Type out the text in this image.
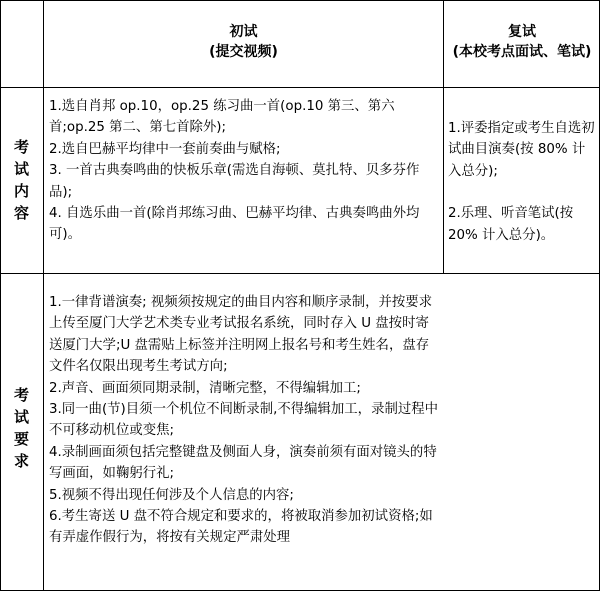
初试
(提交视频)
复试
(本校考点面试、笔试)
考
试
内
容

1.选自肖邦 op.10，op.25 练习曲一首(op.10 第三、第六首;op.25 第二、第七首除外);

2.选自巴赫平均律中一套前奏曲与赋格;

3. 一首古典奏鸣曲的快板乐章(需选自海顿、莫扎特、贝多芬作品);

4. 自选乐曲一首(除肖邦练习曲、巴赫平均律、古典奏鸣曲外均可)。

1.评委指定或考生自选初试曲目演奏(按 80% 计入总分);

2.乐理、听音笔试(按 20% 计入总分)。

考
试
要
求

1.一律背谱演奏; 视频须按规定的曲目内容和顺序录制，并按要求上传至厦门大学艺术类专业考试报名系统，同时存入 U 盘按时寄送厦门大学;U 盘需贴上标签并注明网上报名号和考生姓名，盘存文件名仅限出现考生考试方向;

2.声音、画面须同期录制，清晰完整，不得编辑加工;

3.同一曲(节)目须一个机位不间断录制,不得编辑加工，录制过程中不可移动机位或变焦;

4.录制画面须包括完整键盘及侧面人身，演奏前须有面对镜头的特写画面，如鞠躬行礼;

5.视频不得出现任何涉及个人信息的内容;

6.考生寄送 U 盘不符合规定和要求的，将被取消参加初试资格;如有弄虚作假行为，将按有关规定严肃处理
